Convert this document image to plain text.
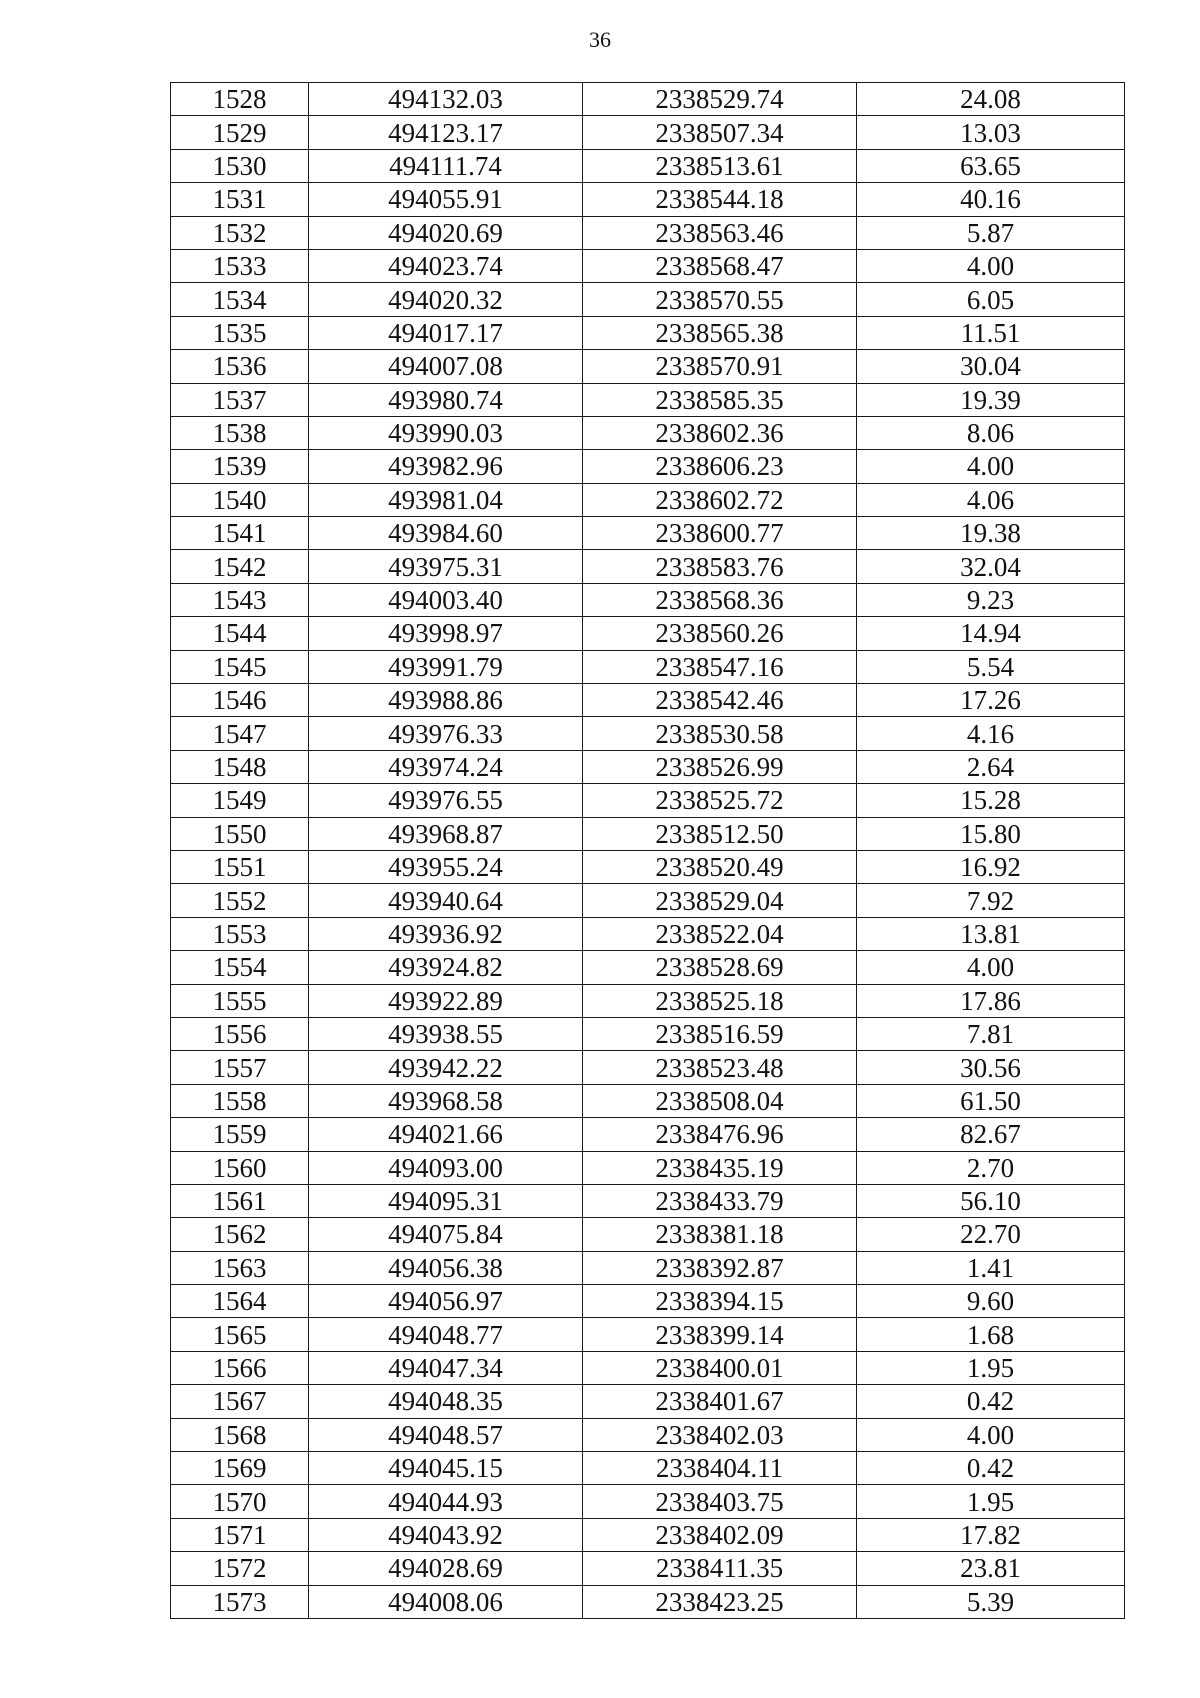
36
1528	494132.03	2338529.74	24.08
1529	494123.17	2338507.34	13.03
1530	494111.74	2338513.61	63.65
1531	494055.91	2338544.18	40.16
1532	494020.69	2338563.46	5.87
1533	494023.74	2338568.47	4.00
1534	494020.32	2338570.55	6.05
1535	494017.17	2338565.38	11.51
1536	494007.08	2338570.91	30.04
1537	493980.74	2338585.35	19.39
1538	493990.03	2338602.36	8.06
1539	493982.96	2338606.23	4.00
1540	493981.04	2338602.72	4.06
1541	493984.60	2338600.77	19.38
1542	493975.31	2338583.76	32.04
1543	494003.40	2338568.36	9.23
1544	493998.97	2338560.26	14.94
1545	493991.79	2338547.16	5.54
1546	493988.86	2338542.46	17.26
1547	493976.33	2338530.58	4.16
1548	493974.24	2338526.99	2.64
1549	493976.55	2338525.72	15.28
1550	493968.87	2338512.50	15.80
1551	493955.24	2338520.49	16.92
1552	493940.64	2338529.04	7.92
1553	493936.92	2338522.04	13.81
1554	493924.82	2338528.69	4.00
1555	493922.89	2338525.18	17.86
1556	493938.55	2338516.59	7.81
1557	493942.22	2338523.48	30.56
1558	493968.58	2338508.04	61.50
1559	494021.66	2338476.96	82.67
1560	494093.00	2338435.19	2.70
1561	494095.31	2338433.79	56.10
1562	494075.84	2338381.18	22.70
1563	494056.38	2338392.87	1.41
1564	494056.97	2338394.15	9.60
1565	494048.77	2338399.14	1.68
1566	494047.34	2338400.01	1.95
1567	494048.35	2338401.67	0.42
1568	494048.57	2338402.03	4.00
1569	494045.15	2338404.11	0.42
1570	494044.93	2338403.75	1.95
1571	494043.92	2338402.09	17.82
1572	494028.69	2338411.35	23.81
1573	494008.06	2338423.25	5.39
